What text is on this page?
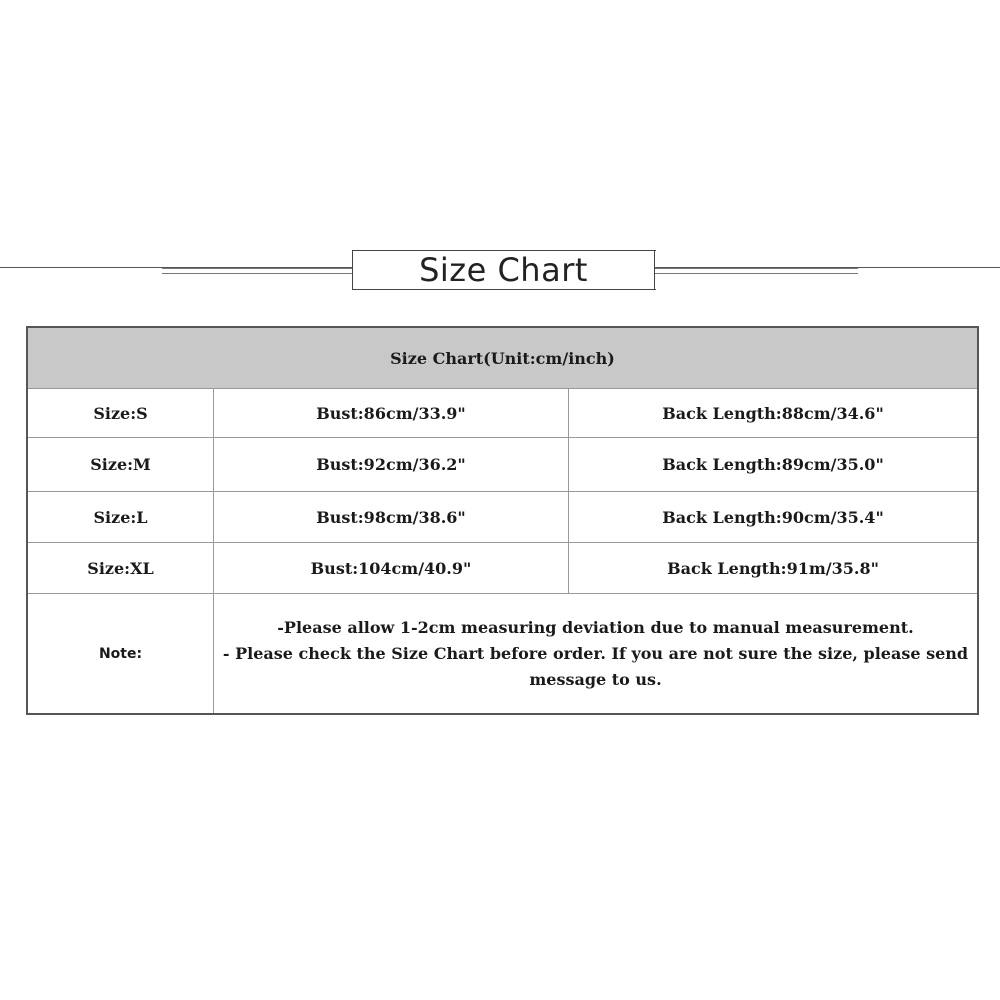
Size Chart
Size Chart(Unit:cm/inch)
Size:S	Bust:86cm/33.9"	Back Length:88cm/34.6"
Size:M	Bust:92cm/36.2"	Back Length:89cm/35.0"
Size:L	Bust:98cm/38.6"	Back Length:90cm/35.4"
Size:XL	Bust:104cm/40.9"	Back Length:91m/35.8"
Note:
-Please allow 1-2cm measuring deviation due to manual measurement.
- Please check the Size Chart before order. If you are not sure the size, please send message to us.
